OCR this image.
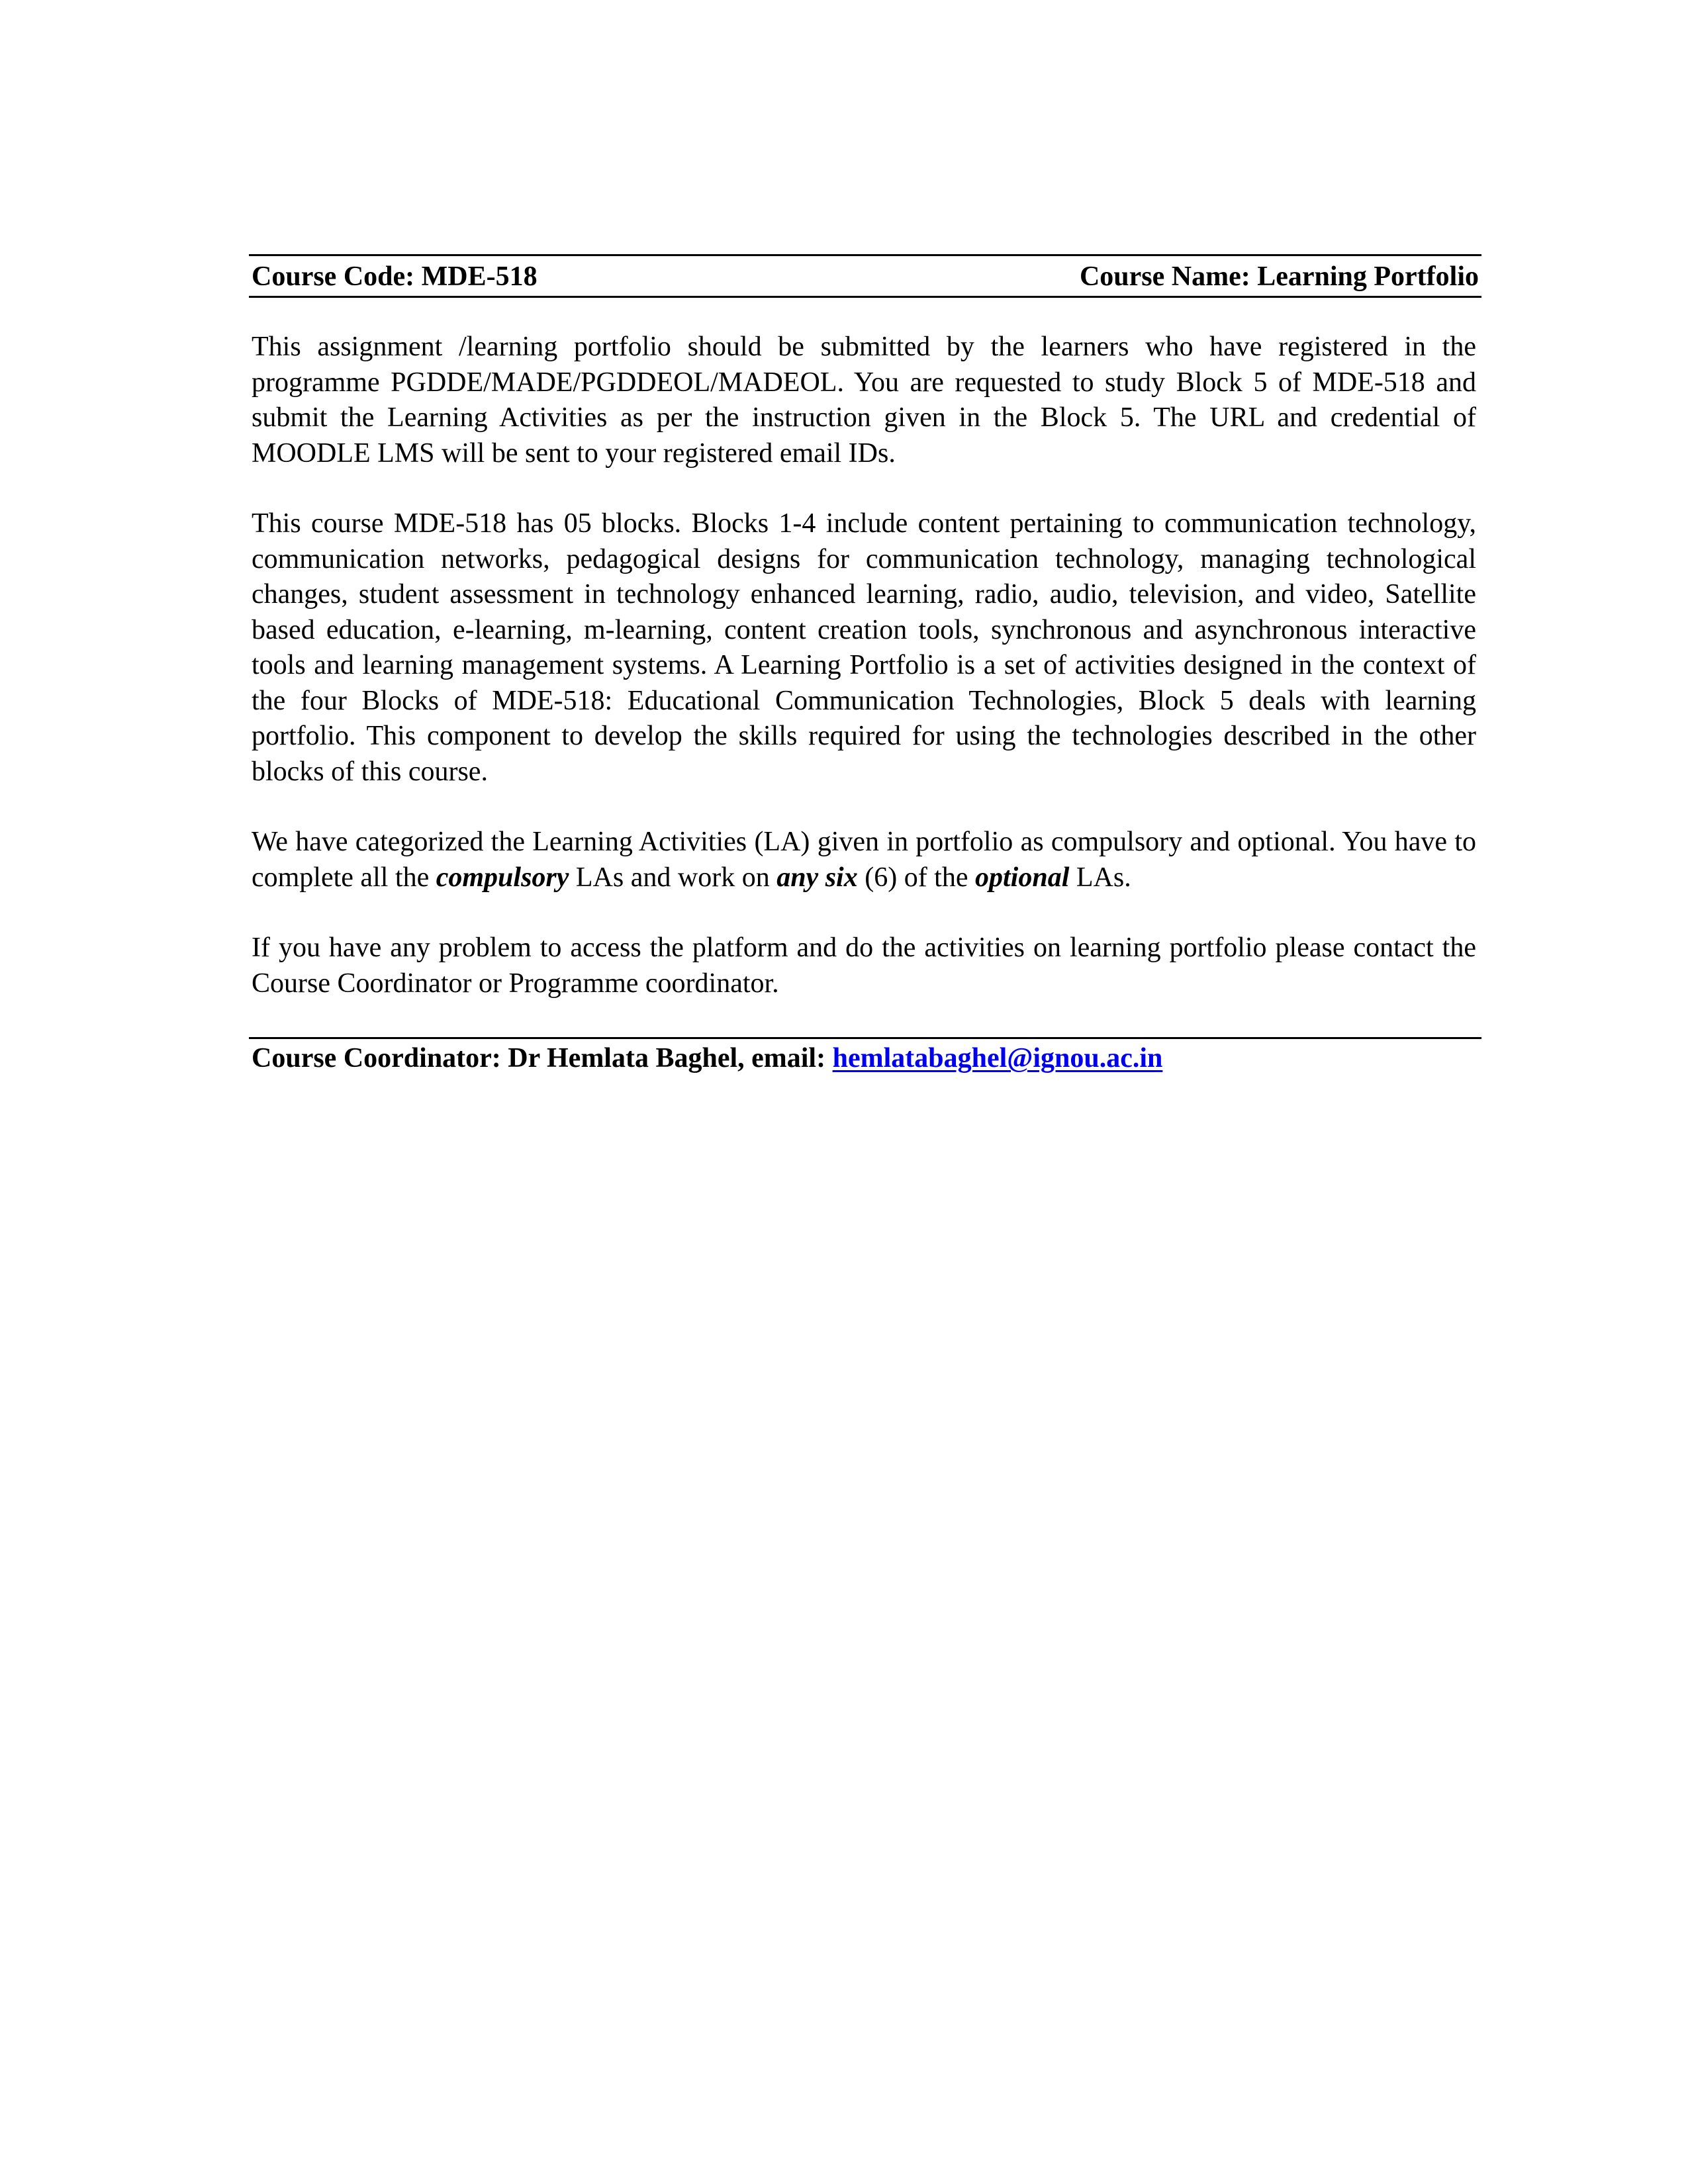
Course Code: MDE-518	Course Name: Learning Portfolio

This assignment /learning portfolio should be submitted by the learners who have registered in the programme PGDDE/MADE/PGDDEOL/MADEOL. You are requested to study Block 5 of MDE-518 and submit the Learning Activities as per the instruction given in the Block 5. The URL and credential of MOODLE LMS will be sent to your registered email IDs.

This course MDE-518 has 05 blocks. Blocks 1-4 include content pertaining to communication technology, communication networks, pedagogical designs for communication technology, managing technological changes, student assessment in technology enhanced learning, radio, audio, television, and video, Satellite based education, e-learning, m-learning, content creation tools, synchronous and asynchronous interactive tools and learning management systems. A Learning Portfolio is a set of activities designed in the context of the four Blocks of MDE-518: Educational Communication Technologies, Block 5 deals with learning portfolio. This component to develop the skills required for using the technologies described in the other blocks of this course.

We have categorized the Learning Activities (LA) given in portfolio as compulsory and optional. You have to complete all the compulsory LAs and work on any six (6) of the optional LAs.

If you have any problem to access the platform and do the activities on learning portfolio please contact the Course Coordinator or Programme coordinator.

Course Coordinator: Dr Hemlata Baghel, email: hemlatabaghel@ignou.ac.in
